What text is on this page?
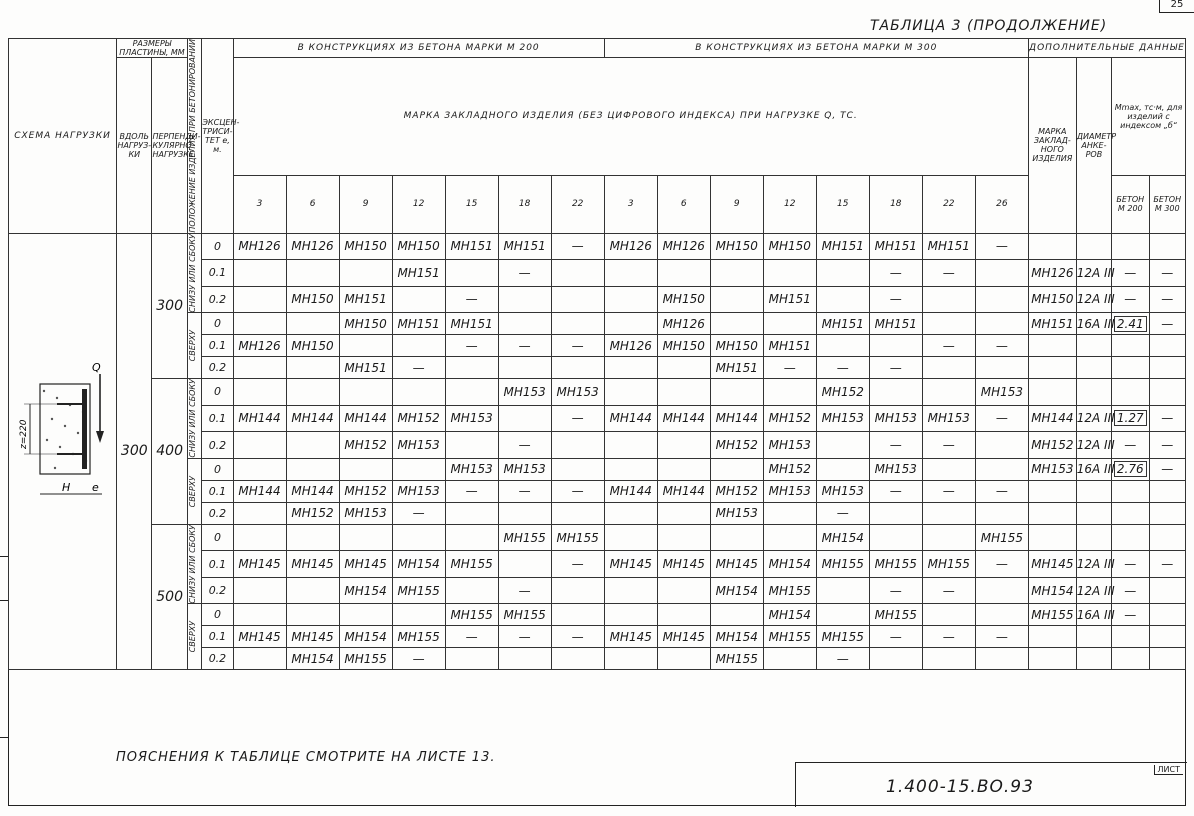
25
ТАБЛИЦА 3 (ПРОДОЛЖЕНИЕ)
СХЕМА НАГРУЗКИ	РАЗМЕРЫ ПЛАСТИНЫ, ММ		ПОЛОЖЕНИЕ ИЗДЕЛИЯ ПРИ БЕТОНИРОВАНИИ	ЭКСЦЕН-ТРИСИ-ТЕТ e, м.	В КОНСТРУКЦИЯХ ИЗ БЕТОНА МАРКИ М 200							В КОНСТРУКЦИЯХ ИЗ БЕТОНА МАРКИ М 300								ДОПОЛНИТЕЛЬНЫЕ ДАННЫЕ			
	ВДОЛЬ НАГРУЗ-КИ	ПЕРПЕНДИ-КУЛЯРНО НАГРУЗКЕ			МАРКА ЗАКЛАДНОГО ИЗДЕЛИЯ (БЕЗ ЦИФРОВОГО ИНДЕКСА) ПРИ НАГРУЗКЕ Q, ТС.															МАРКА ЗАКЛАД-НОГО ИЗДЕЛИЯ	ДИАМЕТР АНКЕ-РОВ	Мmax, тс·м, для изделий с индексом „б“	
					3	6	9	12	15	18	22	3	6	9	12	15	18	22	26			БЕТОН М 200	БЕТОН М 300

Q
z=220
H e	300	300	СНИЗУ ИЛИ СБОКУ	0	МН126	МН126	МН150	МН150	МН151	МН151	—	МН126	МН126	МН150	МН150	МН151	МН151	МН151	—				
				0.1				МН151		—							—	—		МН126	12А III	—	—
				0.2		МН150	МН151		—				МН150		МН151		—			МН150	12А III	—	—

			СВЕРХУ	0			МН150	МН151	МН151				МН126			МН151	МН151			МН151	16А III	2.41	—
				0.1	МН126	МН150			—	—	—	МН126	МН150	МН150	МН151			—	—				
				0.2			МН151	—						МН151	—	—	—						
		400	СНИЗУ ИЛИ СБОКУ	0						МН153	МН153					МН152			МН153				
				0.1	МН144	МН144	МН144	МН152	МН153		—	МН144	МН144	МН144	МН152	МН153	МН153	МН153	—	МН144	12А III	1.27	—
				0.2			МН152	МН153		—				МН152	МН153		—	—		МН152	12А III	—	—

			СВЕРХУ	0					МН153	МН153					МН152		МН153			МН153	16А III	2.76	—
				0.1	МН144	МН144	МН152	МН153	—	—	—	МН144	МН144	МН152	МН153	МН153	—	—	—				
				0.2		МН152	МН153	—						МН153		—							
		500	СНИЗУ ИЛИ СБОКУ	0						МН155	МН155					МН154			МН155				
				0.1	МН145	МН145	МН145	МН154	МН155		—	МН145	МН145	МН145	МН154	МН155	МН155	МН155	—	МН145	12А III	—	—
				0.2			МН154	МН155		—				МН154	МН155		—	—		МН154	12А III	—	

			СВЕРХУ	0					МН155	МН155					МН154		МН155			МН155	16А III	—	
				0.1	МН145	МН145	МН154	МН155	—	—	—	МН145	МН145	МН154	МН155	МН155	—	—	—				
				0.2		МН154	МН155	—						МН155		—							
ПОЯСНЕНИЯ К ТАБЛИЦЕ СМОТРИТЕ НА ЛИСТЕ 13.
1.400-15.ВО.93
ЛИСТ
